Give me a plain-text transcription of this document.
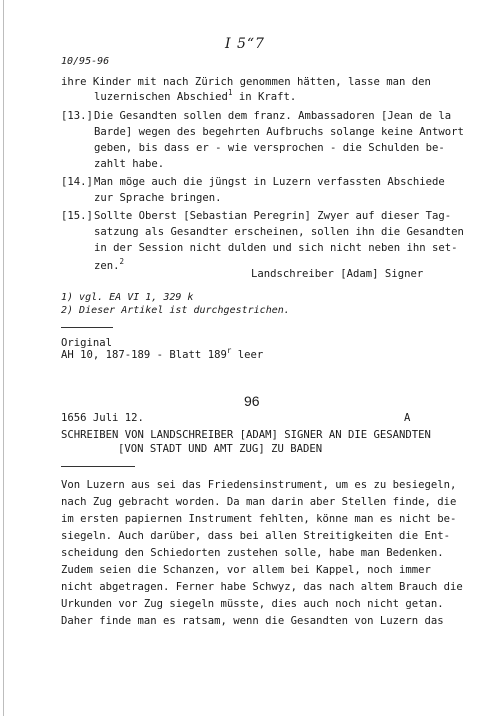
I 5“7
10/95-96
ihre Kinder mit nach Zürich genommen hätten, lasse man den
luzernischen Abschied$^1$ in Kraft.
[13.] Die Gesandten sollen dem franz. Ambassadoren [Jean de la
Barde] wegen des begehrten Aufbruchs solange keine Antwort
geben, bis dass er - wie versprochen - die Schulden be-
zahlt habe.
[14.] Man möge auch die jüngst in Luzern verfassten Abschiede
zur Sprache bringen.
[15.] Sollte Oberst [Sebastian Peregrin] Zwyer auf dieser Tag-
satzung als Gesandter erscheinen, sollen ihn die Gesandten
in der Session nicht dulden und sich nicht neben ihn set-
zen.$^2$
Landschreiber [Adam] Signer
1) vgl. EA VI 1, 329 k
2) Dieser Artikel ist durchgestrichen.
Original
AH 10, 187-189 - Blatt 189$^r$ leer
96
1656 Juli 12.	A
SCHREIBEN VON LANDSCHREIBER [ADAM] SIGNER AN DIE GESANDTEN
[VON STADT UND AMT ZUG] ZU BADEN
Von Luzern aus sei das Friedensinstrument, um es zu besiegeln,
nach Zug gebracht worden. Da man darin aber Stellen finde, die
im ersten papiernen Instrument fehlten, könne man es nicht be-
siegeln. Auch darüber, dass bei allen Streitigkeiten die Ent-
scheidung den Schiedorten zustehen solle, habe man Bedenken.
Zudem seien die Schanzen, vor allem bei Kappel, noch immer
nicht abgetragen. Ferner habe Schwyz, das nach altem Brauch die
Urkunden vor Zug siegeln müsste, dies auch noch nicht getan.
Daher finde man es ratsam, wenn die Gesandten von Luzern das
